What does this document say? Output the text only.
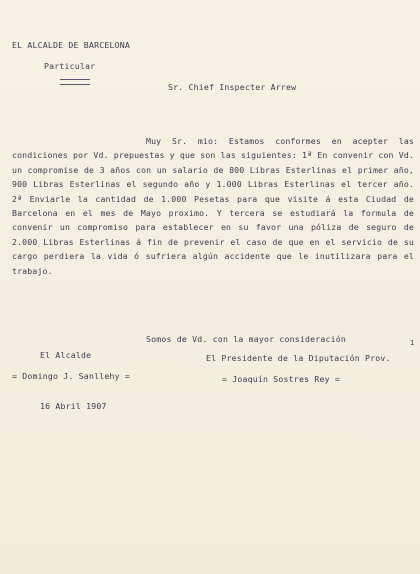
EL ALCALDE DE BARCELONA
Particular
Sr. Chief Inspecter Arrew
Muy Sr. mio: Estamos conformes en acepter las condiciones por Vd. prepuestas y que son las siguientes: 1ª En convenir con Vd. un compromise de 3 años con un salario de 800 Libras Esterlinas el primer año, 900 Libras Esterlinas el segundo año y 1.000 Libras Esterlinas el tercer año. 2ª Enviarle la cantidad de 1.000 Pesetas para que visite á esta Ciudad de Barcelona en el mes de Mayo proximo. Y tercera se estudiará la formula de convenir un compromiso para establecer en su favor una póliza de seguro de 2.000 Libras Esterlinas á fin de prevenir el caso de que en el servicio de su cargo perdiera la vida ó sufriera algún accidente que le inutilizara para el trabajo.
Somos de Vd. con la mayor consideración
El Alcalde	El Presidente de la Diputación Prov.
1
= Domingo J. Sanllehy =	= Joaquín Sostres Rey =
16 Abril 1907
